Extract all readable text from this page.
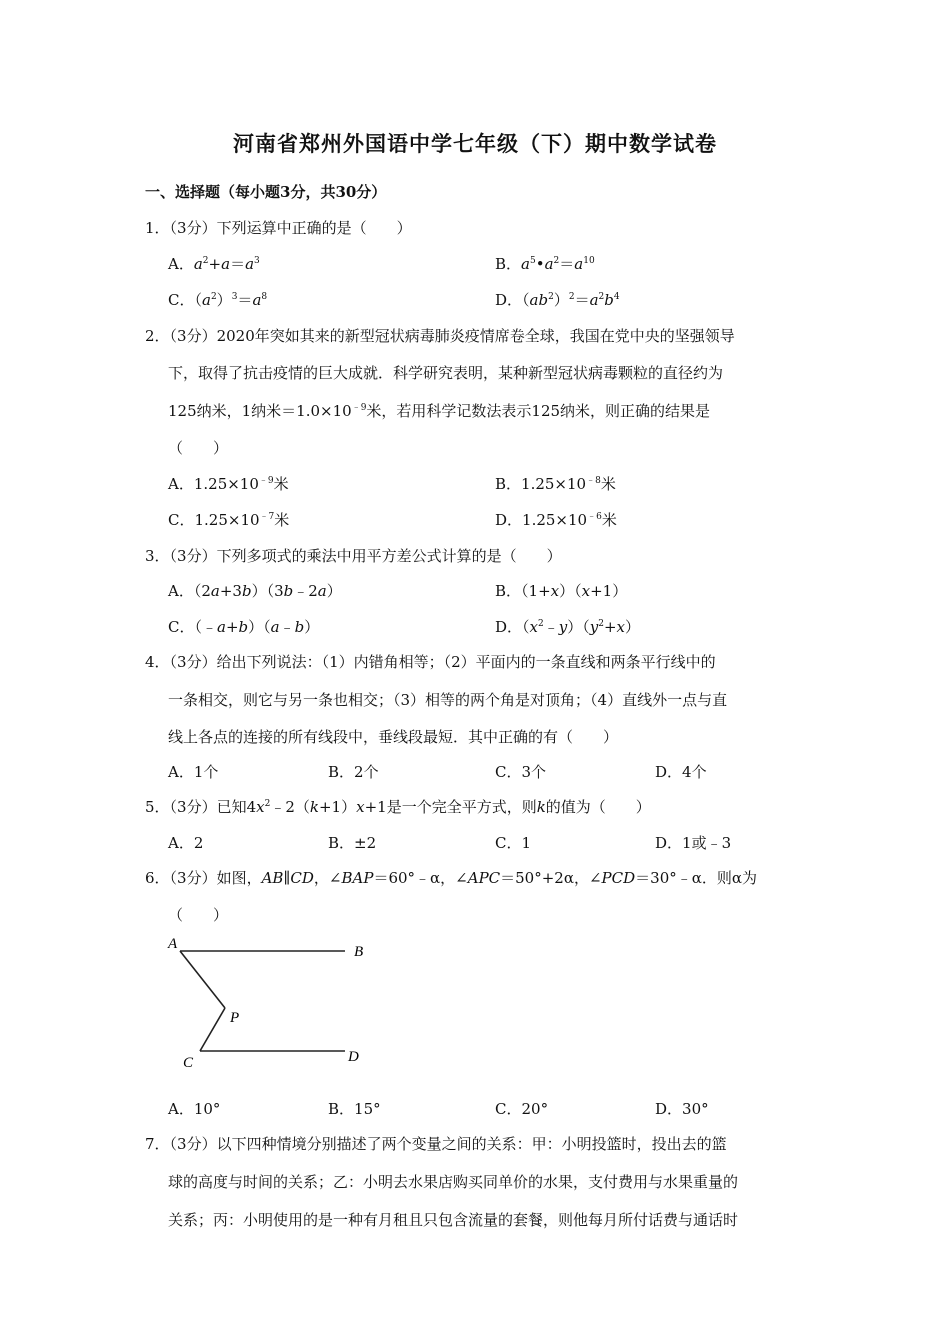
河南省郑州外国语中学七年级（下）期中数学试卷
一、选择题（每小题3分，共30分）
1．（3分）下列运算中正确的是（　　）
A．$a^2+a=a^3$	B．$a^5•a^2=a^{10}$
C．$(a^2)^3=a^8$	D．$(ab^2)^2=a^2b^4$
2．（3分）2020年突如其来的新型冠状病毒肺炎疫情席卷全球，我国在党中央的坚强领导
下，取得了抗击疫情的巨大成就．科学研究表明，某种新型冠状病毒颗粒的直径约为
125纳米，1纳米$=1.0\times 10^{﹣9}$米，若用科学记数法表示125纳米，则正确的结果是
（　　）
A．$1.25\times 10^{﹣9}$米	B．$1.25\times 10^{﹣8}$米
C．$1.25\times 10^{﹣7}$米	D．$1.25\times 10^{﹣6}$米
3．（3分）下列多项式的乘法中用平方差公式计算的是（　　）
A．（2a+3b）（3b﹣2a）	B．（1+x）（x+1）
C．（﹣a+b）（a﹣b）	D．$(x^2﹣y)(y^2+x)$
4．（3分）给出下列说法：（1）内错角相等；（2）平面内的一条直线和两条平行线中的
一条相交，则它与另一条也相交；（3）相等的两个角是对顶角；（4）直线外一点与直
线上各点的连接的所有线段中，垂线段最短．其中正确的有（　　）
A．1个	B．2个	C．3个	D．4个
5．（3分）已知$4x^2﹣2(k+1)x+1$是一个完全平方式，则k的值为（　　）
A．2	B．±2	C．1	D．1或﹣3
6．（3分）如图，AB∥CD，∠BAP＝60°﹣α，∠APC＝50°+2α，∠PCD＝30°﹣α．则α为
（　　）
A	B
P
C	D
A．10°	B．15°	C．20°	D．30°
7．（3分）以下四种情境分别描述了两个变量之间的关系：甲：小明投篮时，投出去的篮
球的高度与时间的关系；乙：小明去水果店购买同单价的水果，支付费用与水果重量的
关系；丙：小明使用的是一种有月租且只包含流量的套餐，则他每月所付话费与通话时
